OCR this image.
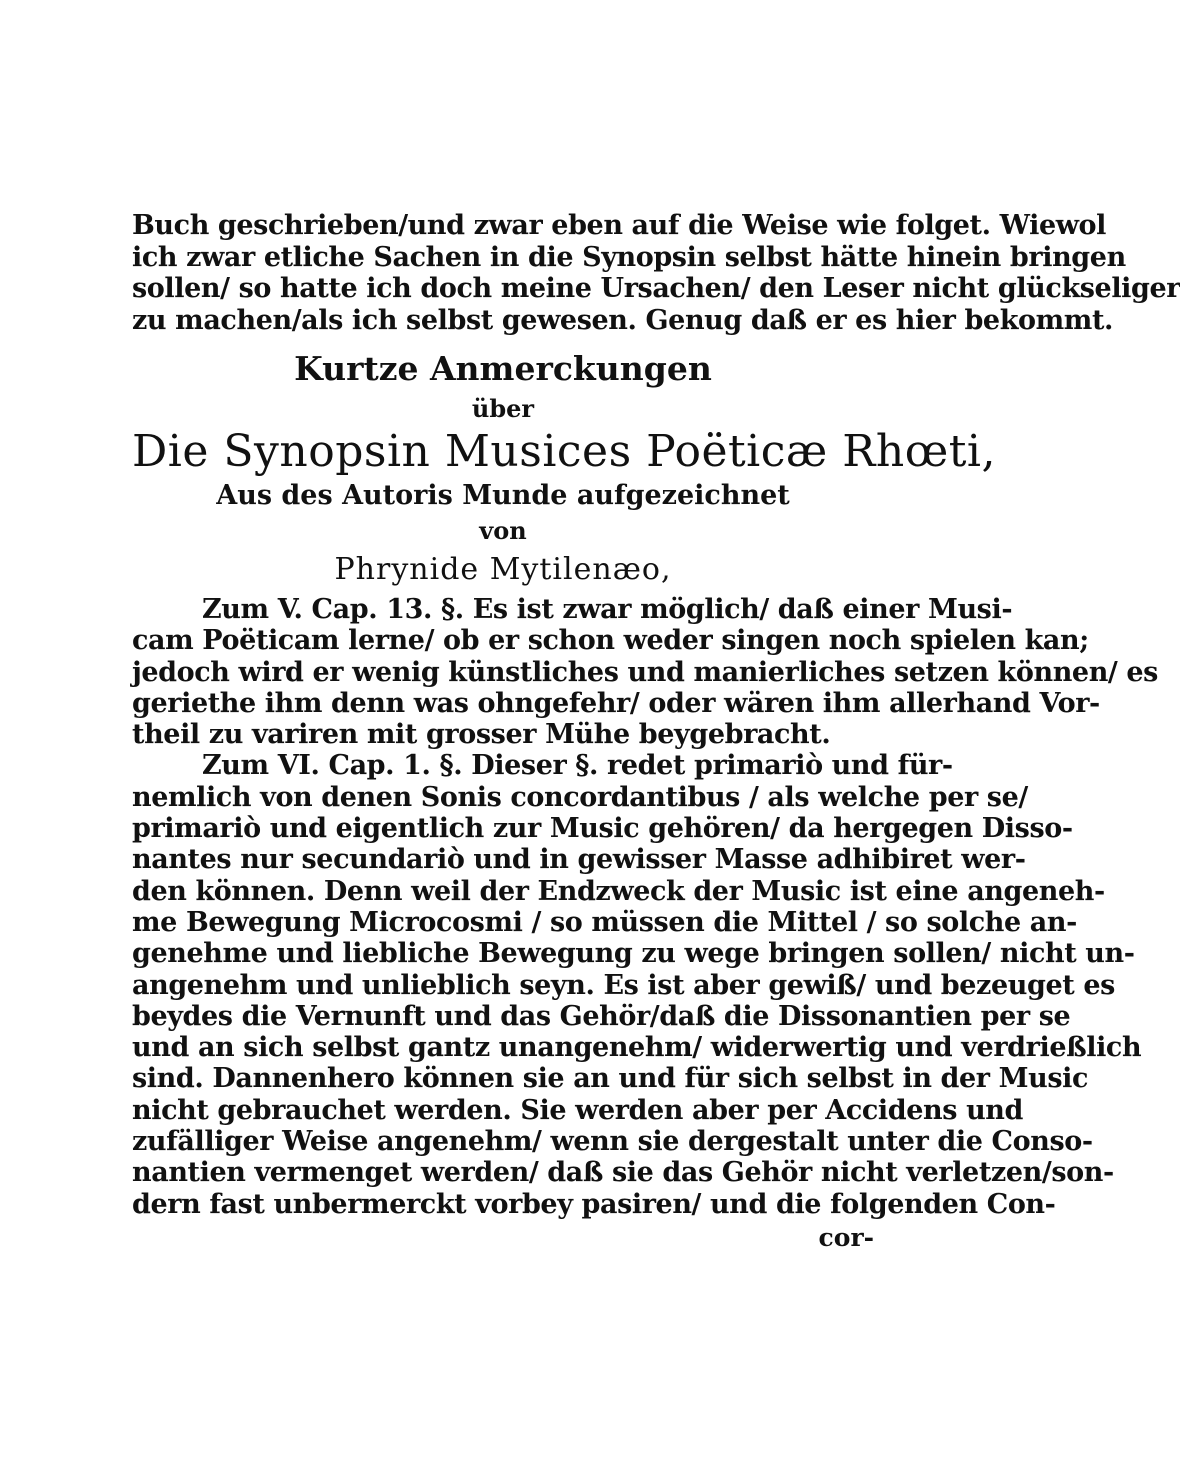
Buch geschrieben/und zwar eben auf die Weise wie folget. Wiewol
ich zwar etliche Sachen in die Synopsin selbst hätte hinein bringen
sollen/ so hatte ich doch meine Ursachen/ den Leser nicht glückseliger
zu machen/als ich selbst gewesen. Genug daß er es hier bekommt.
Kurtze Anmerckungen
über
Die Synopsin Musices Poëticæ Rhœti,
Aus des Autoris Munde aufgezeichnet
von
Phrynide Mytilenæo,
Zum V. Cap. 13. §. Es ist zwar möglich/ daß einer Musi-
cam Poëticam lerne/ ob er schon weder singen noch spielen kan;
jedoch wird er wenig künstliches und manierliches setzen können/ es
geriethe ihm denn was ohngefehr/ oder wären ihm allerhand Vor-
theil zu variren mit grosser Mühe beygebracht.
Zum VI. Cap. 1. §. Dieser §. redet primariò und für-
nemlich von denen Sonis concordantibus / als welche per se/
primariò und eigentlich zur Music gehören/ da hergegen Disso-
nantes nur secundariò und in gewisser Masse adhibiret wer-
den können. Denn weil der Endzweck der Music ist eine angeneh-
me Bewegung Microcosmi / so müssen die Mittel / so solche an-
genehme und liebliche Bewegung zu wege bringen sollen/ nicht un-
angenehm und unlieblich seyn. Es ist aber gewiß/ und bezeuget es
beydes die Vernunft und das Gehör/daß die Dissonantien per se
und an sich selbst gantz unangenehm/ widerwertig und verdrießlich
sind. Dannenhero können sie an und für sich selbst in der Music
nicht gebrauchet werden. Sie werden aber per Accidens und
zufälliger Weise angenehm/ wenn sie dergestalt unter die Conso-
nantien vermenget werden/ daß sie das Gehör nicht verletzen/son-
dern fast unbermerckt vorbey pasiren/ und die folgenden Con-
cor-
